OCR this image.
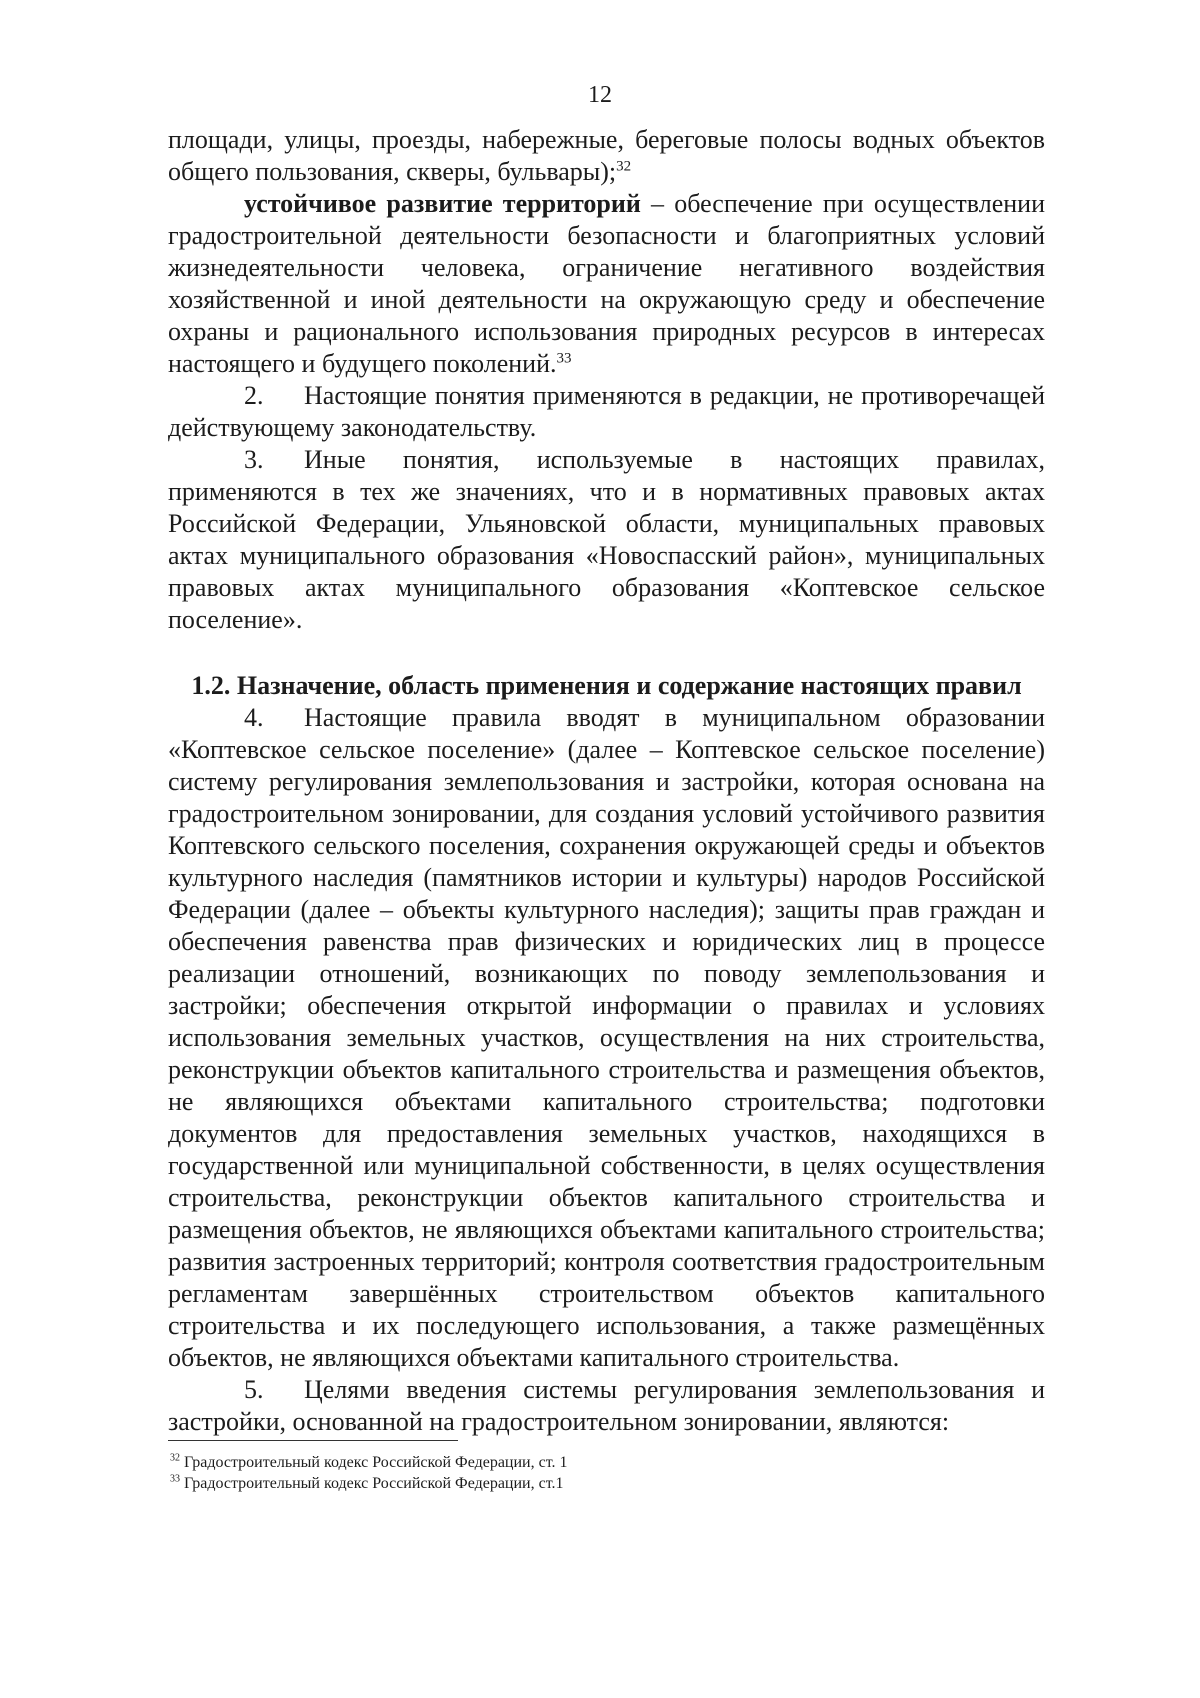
12

площади, улицы, проезды, набережные, береговые полосы водных объектов общего пользования, скверы, бульвары);$^{32}$

устойчивое развитие территорий – обеспечение при осуществлении градостроительной деятельности безопасности и благоприятных условий жизнедеятельности человека, ограничение негативного воздействия хозяйственной и иной деятельности на окружающую среду и обеспечение охраны и рационального использования природных ресурсов в интересах настоящего и будущего поколений.$^{33}$

2. Настоящие понятия применяются в редакции, не противоречащей действующему законодательству.

3. Иные понятия, используемые в настоящих правилах, применяются в тех же значениях, что и в нормативных правовых актах Российской Федерации, Ульяновской области, муниципальных правовых актах муниципального образования «Новоспасский район», муниципальных правовых актах муниципального образования «Коптевское сельское поселение».

1.2. Назначение, область применения и содержание настоящих правил

4. Настоящие правила вводят в муниципальном образовании «Коптевское сельское поселение» (далее – Коптевское сельское поселение) систему регулирования землепользования и застройки, которая основана на градостроительном зонировании, для создания условий устойчивого развития Коптевского сельского поселения, сохранения окружающей среды и объектов культурного наследия (памятников истории и культуры) народов Российской Федерации (далее – объекты культурного наследия); защиты прав граждан и обеспечения равенства прав физических и юридических лиц в процессе реализации отношений, возникающих по поводу землепользования и застройки; обеспечения открытой информации о правилах и условиях использования земельных участков, осуществления на них строительства, реконструкции объектов капитального строительства и размещения объектов, не являющихся объектами капитального строительства; подготовки документов для предоставления земельных участков, находящихся в государственной или муниципальной собственности, в целях осуществления строительства, реконструкции объектов капитального строительства и размещения объектов, не являющихся объектами капитального строительства; развития застроенных территорий; контроля соответствия градостроительным регламентам завершённых строительством объектов капитального строительства и их последующего использования, а также размещённых объектов, не являющихся объектами капитального строительства.

5. Целями введения системы регулирования землепользования и застройки, основанной на градостроительном зонировании, являются:

$^{32}$ Градостроительный кодекс Российской Федерации, ст. 1

$^{33}$ Градостроительный кодекс Российской Федерации, ст.1
